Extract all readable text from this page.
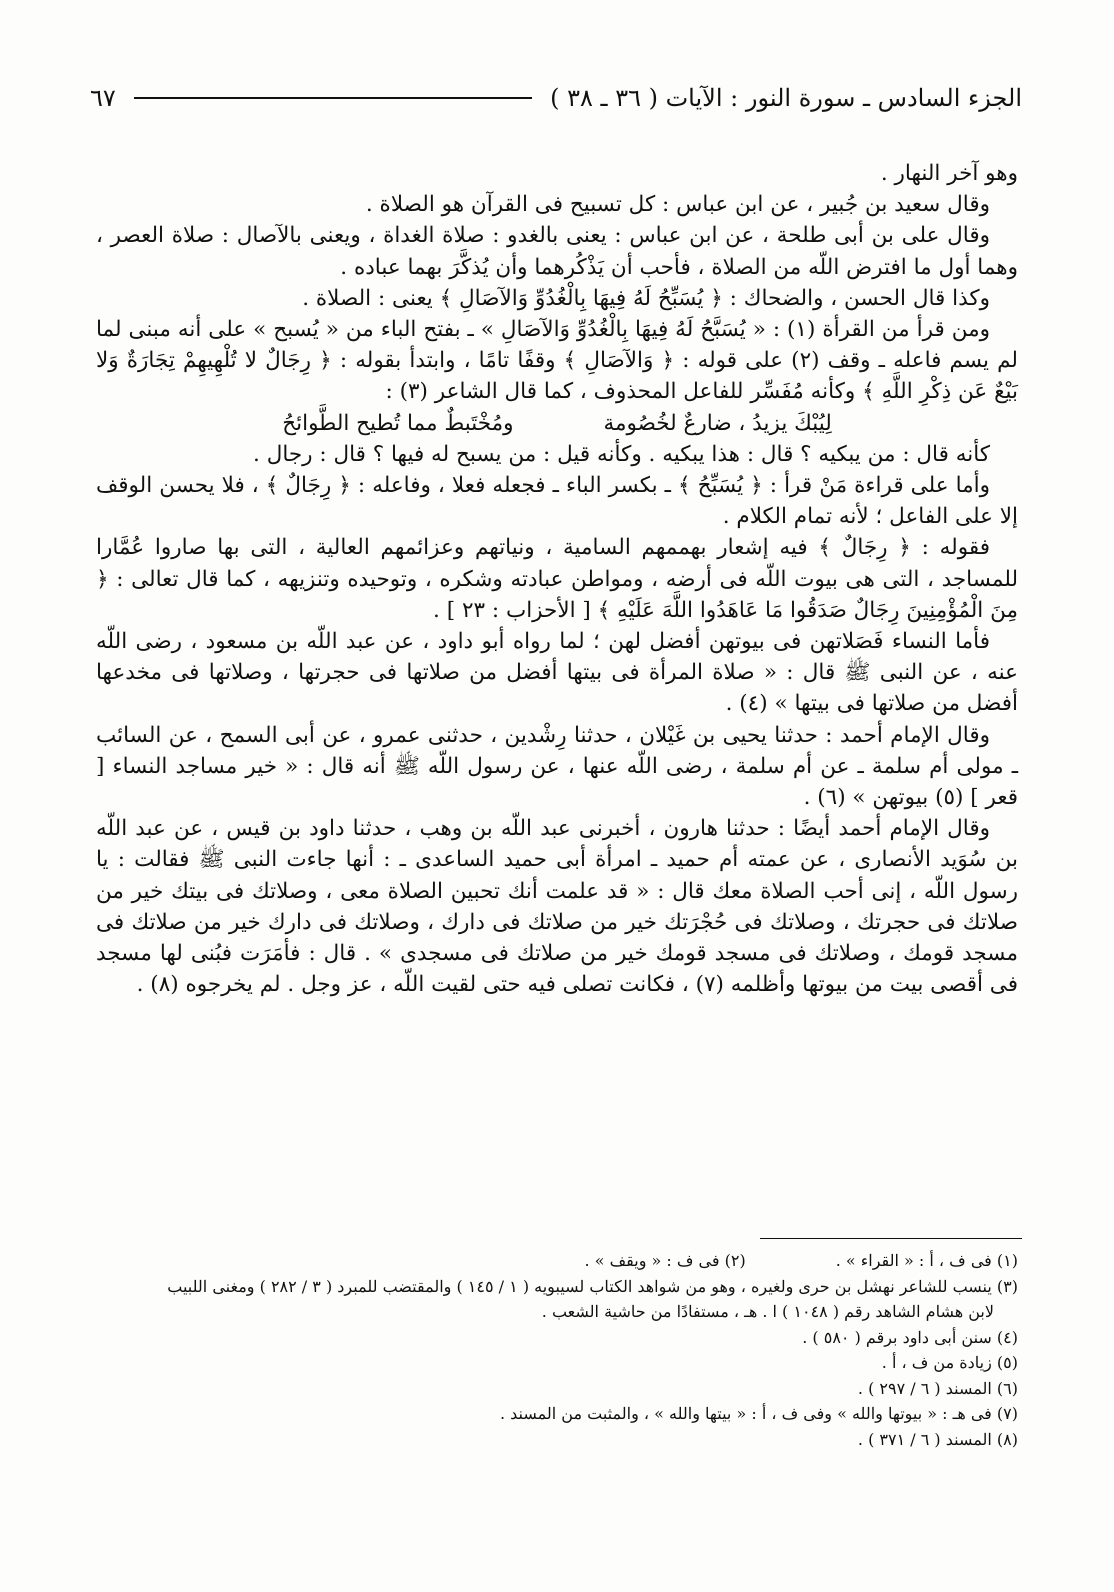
الجزء السادس ـ سورة النور : الآيات ( ٣٦ ـ ٣٨ )
٦٧

وهو آخر النهار .

وقال سعيد بن جُبير ، عن ابن عباس : كل تسبيح فى القرآن هو الصلاة .

وقال على بن أبى طلحة ، عن ابن عباس : يعنى بالغدو : صلاة الغداة ، ويعنى بالآصال : صلاة العصر ، وهما أول ما افترض اللّه من الصلاة ، فأحب أن يَذْكُرهما وأن يُذكَّرَ بهما عباده .

وكذا قال الحسن ، والضحاك : ﴿ يُسَبِّحُ لَهُ فِيهَا بِالْغُدُوِّ وَالآصَالِ ﴾ يعنى : الصلاة .

ومن قرأ من القرأة (١) : « يُسَبَّحُ لَهُ فِيهَا بِالْغُدُوِّ وَالآصَالِ » ـ بفتح الباء من « يُسبح » على أنه مبنى لما لم يسم فاعله ـ وقف (٢) على قوله : ﴿ وَالآصَالِ ﴾ وقفًا تامًا ، وابتدأ بقوله : ﴿ رِجَالٌ لا تُلْهِيهِمْ تِجَارَةٌ وَلا بَيْعٌ عَن ذِكْرِ اللَّهِ ﴾ وكأنه مُفَسِّر للفاعل المحذوف ، كما قال الشاعر (٣) :

لِيُبْكَ يزيدُ ، ضارعٌ لخُصُومة
ومُخْتَبطٌ مما تُطيح الطَّوائحُ

كأنه قال : من يبكيه ؟ قال : هذا يبكيه . وكأنه قيل : من يسبح له فيها ؟ قال : رجال .

وأما على قراءة مَنْ قرأ : ﴿ يُسَبِّحُ ﴾ ـ بكسر الباء ـ فجعله فعلا ، وفاعله : ﴿ رِجَالٌ ﴾ ، فلا يحسن الوقف إلا على الفاعل ؛ لأنه تمام الكلام .

فقوله : ﴿ رِجَالٌ ﴾ فيه إشعار بهممهم السامية ، ونياتهم وعزائمهم العالية ، التى بها صاروا عُمَّارا للمساجد ، التى هى بيوت اللّه فى أرضه ، ومواطن عبادته وشكره ، وتوحيده وتنزيهه ، كما قال تعالى : ﴿ مِنَ الْمُؤْمِنِينَ رِجَالٌ صَدَقُوا مَا عَاهَدُوا اللَّهَ عَلَيْهِ ﴾ [ الأحزاب : ٢٣ ] .

فأما النساء فَصَلاتهن فى بيوتهن أفضل لهن ؛ لما رواه أبو داود ، عن عبد اللّه بن مسعود ، رضى اللّه عنه ، عن النبى ﷺ قال : « صلاة المرأة فى بيتها أفضل من صلاتها فى حجرتها ، وصلاتها فى مخدعها أفضل من صلاتها فى بيتها » (٤) .

وقال الإمام أحمد : حدثنا يحيى بن غَيْلان ، حدثنا رِشْدين ، حدثنى عمرو ، عن أبى السمح ، عن السائب ـ مولى أم سلمة ـ عن أم سلمة ، رضى اللّه عنها ، عن رسول اللّه ﷺ أنه قال : « خير مساجد النساء [ قعر ] (٥) بيوتهن » (٦) .

وقال الإمام أحمد أيضًا : حدثنا هارون ، أخبرنى عبد اللّه بن وهب ، حدثنا داود بن قيس ، عن عبد اللّه بن سُوَيد الأنصارى ، عن عمته أم حميد ـ امرأة أبى حميد الساعدى ـ : أنها جاءت النبى ﷺ فقالت : يا رسول اللّه ، إنى أحب الصلاة معك قال : « قد علمت أنك تحبين الصلاة معى ، وصلاتك فى بيتك خير من صلاتك فى حجرتك ، وصلاتك فى حُجْرَتك خير من صلاتك فى دارك ، وصلاتك فى دارك خير من صلاتك فى مسجد قومك ، وصلاتك فى مسجد قومك خير من صلاتك فى مسجدى » . قال : فأمَرَت فبُنى لها مسجد فى أقصى بيت من بيوتها وأظلمه (٧) ، فكانت تصلى فيه حتى لقيت اللّه ، عز وجل . لم يخرجوه (٨) .

(١) فى ف ، أ : « القراء » .
(٢) فى ف : « ويقف » .
(٣) ينسب للشاعر نهشل بن حرى ولغيره ، وهو من شواهد الكتاب لسيبويه ( ١ / ١٤٥ ) والمقتضب للمبرد ( ٣ / ٢٨٢ ) ومغنى اللبيب
لابن هشام الشاهد رقم ( ١٠٤٨ ) ا . هـ ، مستفادًا من حاشية الشعب .
(٤) سنن أبى داود برقم ( ٥٨٠ ) .
(٥) زيادة من ف ، أ .
(٦) المسند ( ٦ / ٢٩٧ ) .
(٧) فى هـ : « بيوتها والله » وفى ف ، أ : « بيتها والله » ، والمثبت من المسند .
(٨) المسند ( ٦ / ٣٧١ ) .
